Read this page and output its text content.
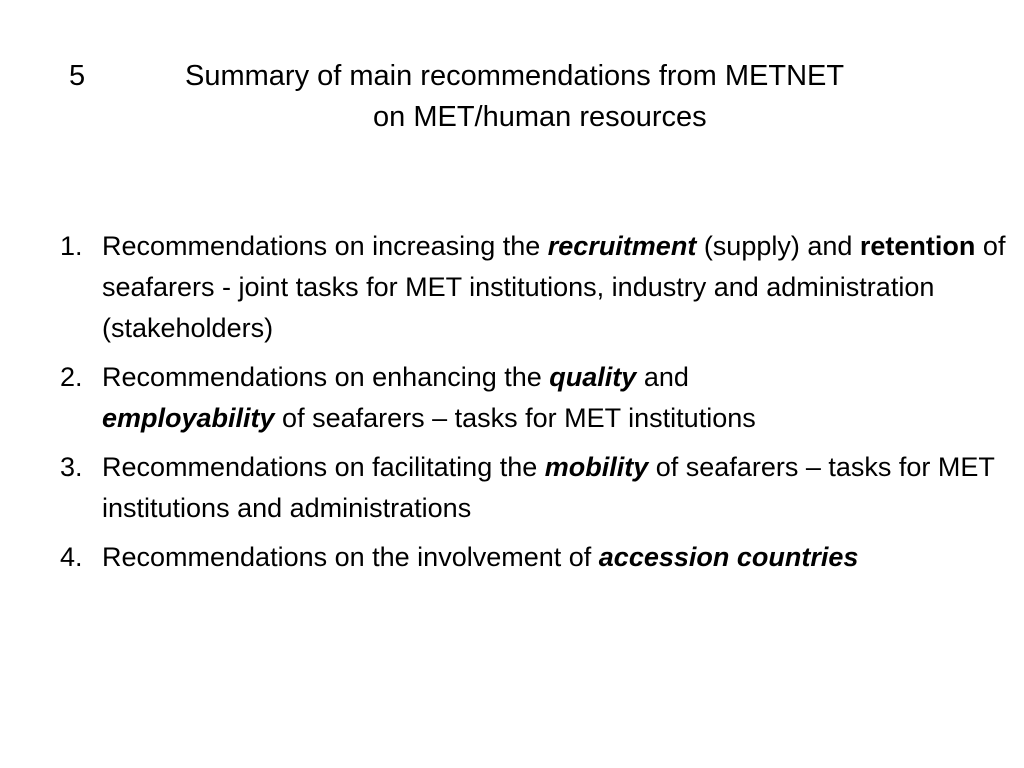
5	Summary of main recommendations from METNET
on MET/human resources
1. Recommendations on increasing the recruitment (supply) and retention of seafarers - joint tasks for MET institutions, industry and administration (stakeholders)
2. Recommendations on enhancing the quality and
employability of seafarers – tasks for MET institutions
3. Recommendations on facilitating the mobility of seafarers – tasks for MET institutions and administrations
4. Recommendations on the involvement of accession countries
